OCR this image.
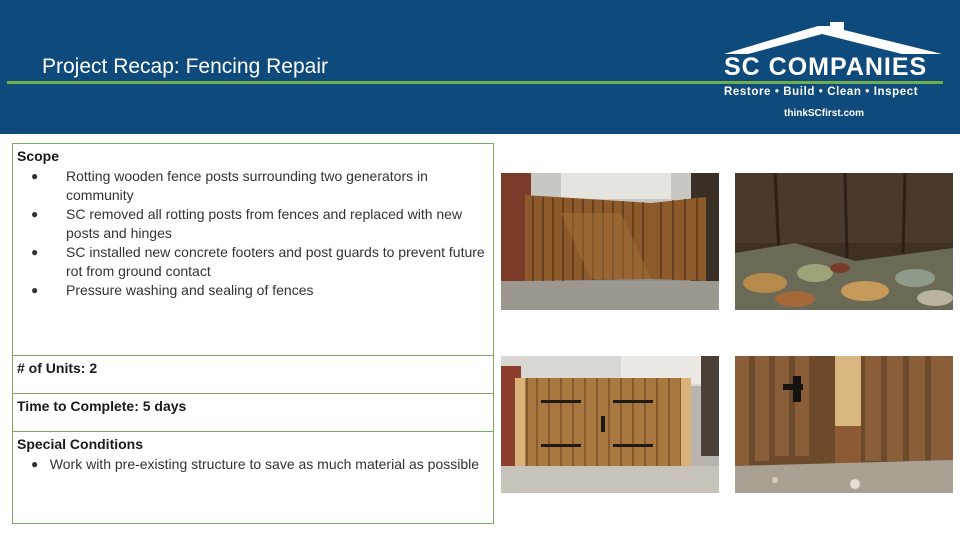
Project Recap: Fencing Repair	SC COMPANIES
Restore • Build • Clean • Inspect
thinkSCfirst.com
Scope
● Rotting wooden fence posts surrounding two generators in community
● SC removed all rotting posts from fences and replaced with new posts and hinges
● SC installed new concrete footers and post guards to prevent future rot from ground contact
● Pressure washing and sealing of fences
# of Units: 2
Time to Complete: 5 days
Special Conditions
● Work with pre-existing structure to save as much material as possible
